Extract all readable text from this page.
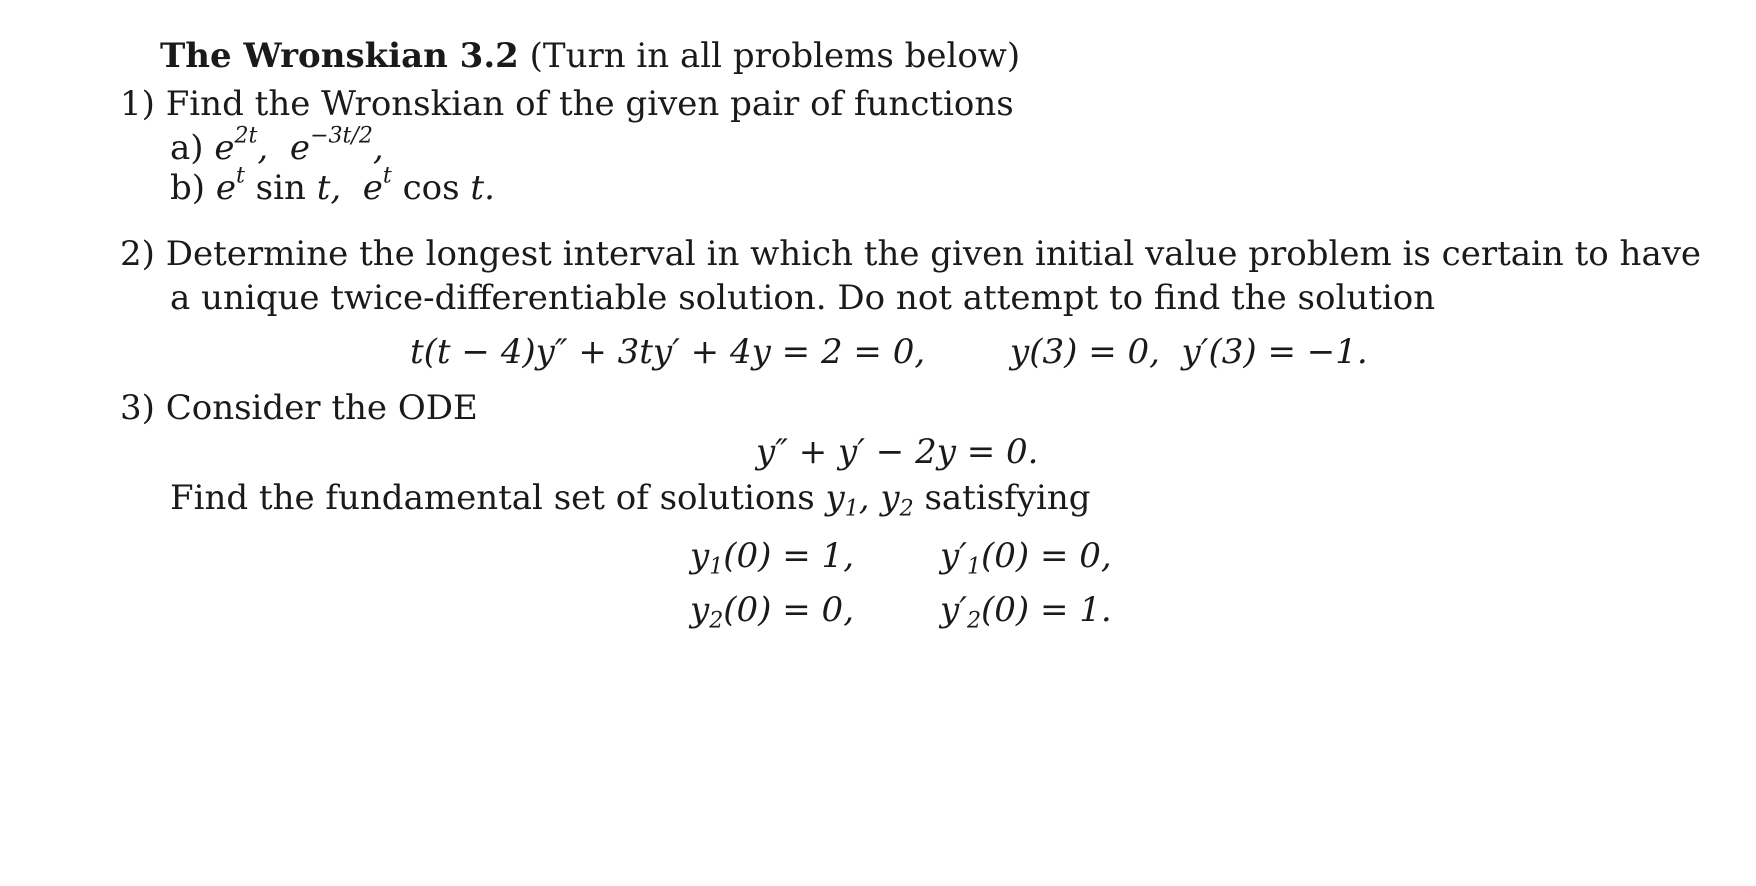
The Wronskian 3.2 (Turn in all problems below)
1) Find the Wronskian of the given pair of functions
a) $e^{2t}$,  $e^{-3t/2}$,
b) $e^t$ sin t,  $e^t$ cos t.
2) Determine the longest interval in which the given initial value problem is certain to have
a unique twice-differentiable solution. Do not attempt to find the solution
t(t − 4)y″ + 3ty′ + 4y = 2 = 0, y(3) = 0,  y′(3) = −1.
3) Consider the ODE
y″ + y′ − 2y = 0.
Find the fundamental set of solutions $y_1$, $y_2$ satisfying
$y_1(0) = 1$,	$y'_1(0) = 0$,
$y_2(0) = 0$,	$y'_2(0) = 1$.
